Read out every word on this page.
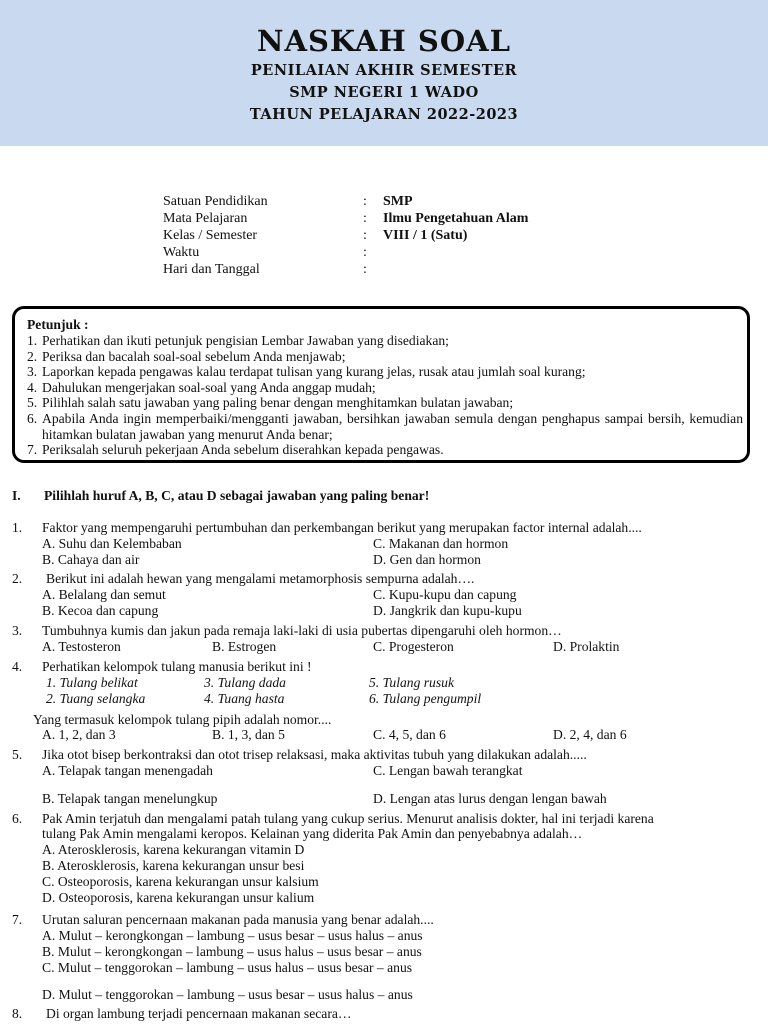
NASKAH SOAL
PENILAIAN AKHIR SEMESTER
SMP NEGERI 1 WADO
TAHUN PELAJARAN 2022-2023
Satuan Pendidikan	: SMP
Mata Pelajaran	: Ilmu Pengetahuan Alam
Kelas / Semester	: VIII / 1 (Satu)
Waktu	:
Hari dan Tanggal	:
Petunjuk :
1. Perhatikan dan ikuti petunjuk pengisian Lembar Jawaban yang disediakan;
2. Periksa dan bacalah soal-soal sebelum Anda menjawab;
3. Laporkan kepada pengawas kalau terdapat tulisan yang kurang jelas, rusak atau jumlah soal kurang;
4. Dahulukan mengerjakan soal-soal yang Anda anggap mudah;
5. Pilihlah salah satu jawaban yang paling benar dengan menghitamkan bulatan jawaban;
6. Apabila Anda ingin memperbaiki/mengganti jawaban, bersihkan jawaban semula dengan penghapus sampai bersih, kemudian hitamkan bulatan jawaban yang menurut Anda benar;
7. Periksalah seluruh pekerjaan Anda sebelum diserahkan kepada pengawas.
I. Pilihlah huruf A, B, C, atau D sebagai jawaban yang paling benar!
1. Faktor yang mempengaruhi pertumbuhan dan perkembangan berikut yang merupakan factor internal adalah....
A. Suhu dan Kelembaban
B. Cahaya dan air
C. Makanan dan hormon
D. Gen dan hormon
2. Berikut ini adalah hewan yang mengalami metamorphosis sempurna adalah….
A. Belalang dan semut
B. Kecoa dan capung
C. Kupu-kupu dan capung
D. Jangkrik dan kupu-kupu
3. Tumbuhnya kumis dan jakun pada remaja laki-laki di usia pubertas dipengaruhi oleh hormon…
A. Testosteron	B. Estrogen	C. Progesteron	D. Prolaktin
4. Perhatikan kelompok tulang manusia berikut ini !
1. Tulang belikat
2. Tuang selangka
3. Tulang dada
4. Tuang hasta
5. Tulang rusuk
6. Tulang pengumpil
Yang termasuk kelompok tulang pipih adalah nomor....
A. 1, 2, dan 3	B. 1, 3, dan 5	C. 4, 5, dan 6	D. 2, 4, dan 6
5. Jika otot bisep berkontraksi dan otot trisep relaksasi, maka aktivitas tubuh yang dilakukan adalah.....
A. Telapak tangan menengadah
B. Telapak tangan menelungkup
C. Lengan bawah terangkat
D. Lengan atas lurus dengan lengan bawah
6. Pak Amin terjatuh dan mengalami patah tulang yang cukup serius. Menurut analisis dokter, hal ini terjadi karena
tulang Pak Amin mengalami keropos. Kelainan yang diderita Pak Amin dan penyebabnya adalah…
A. Aterosklerosis, karena kekurangan vitamin D
B. Aterosklerosis, karena kekurangan unsur besi
C. Osteoporosis, karena kekurangan unsur kalsium
D. Osteoporosis, karena kekurangan unsur kalium
7. Urutan saluran pencernaan makanan pada manusia yang benar adalah....
A. Mulut – kerongkongan – lambung – usus besar – usus halus – anus
B. Mulut – kerongkongan – lambung – usus halus – usus besar – anus
C. Mulut – tenggorokan – lambung – usus halus – usus besar – anus
D. Mulut – tenggorokan – lambung – usus besar – usus halus – anus
8. Di organ lambung terjadi pencernaan makanan secara…
